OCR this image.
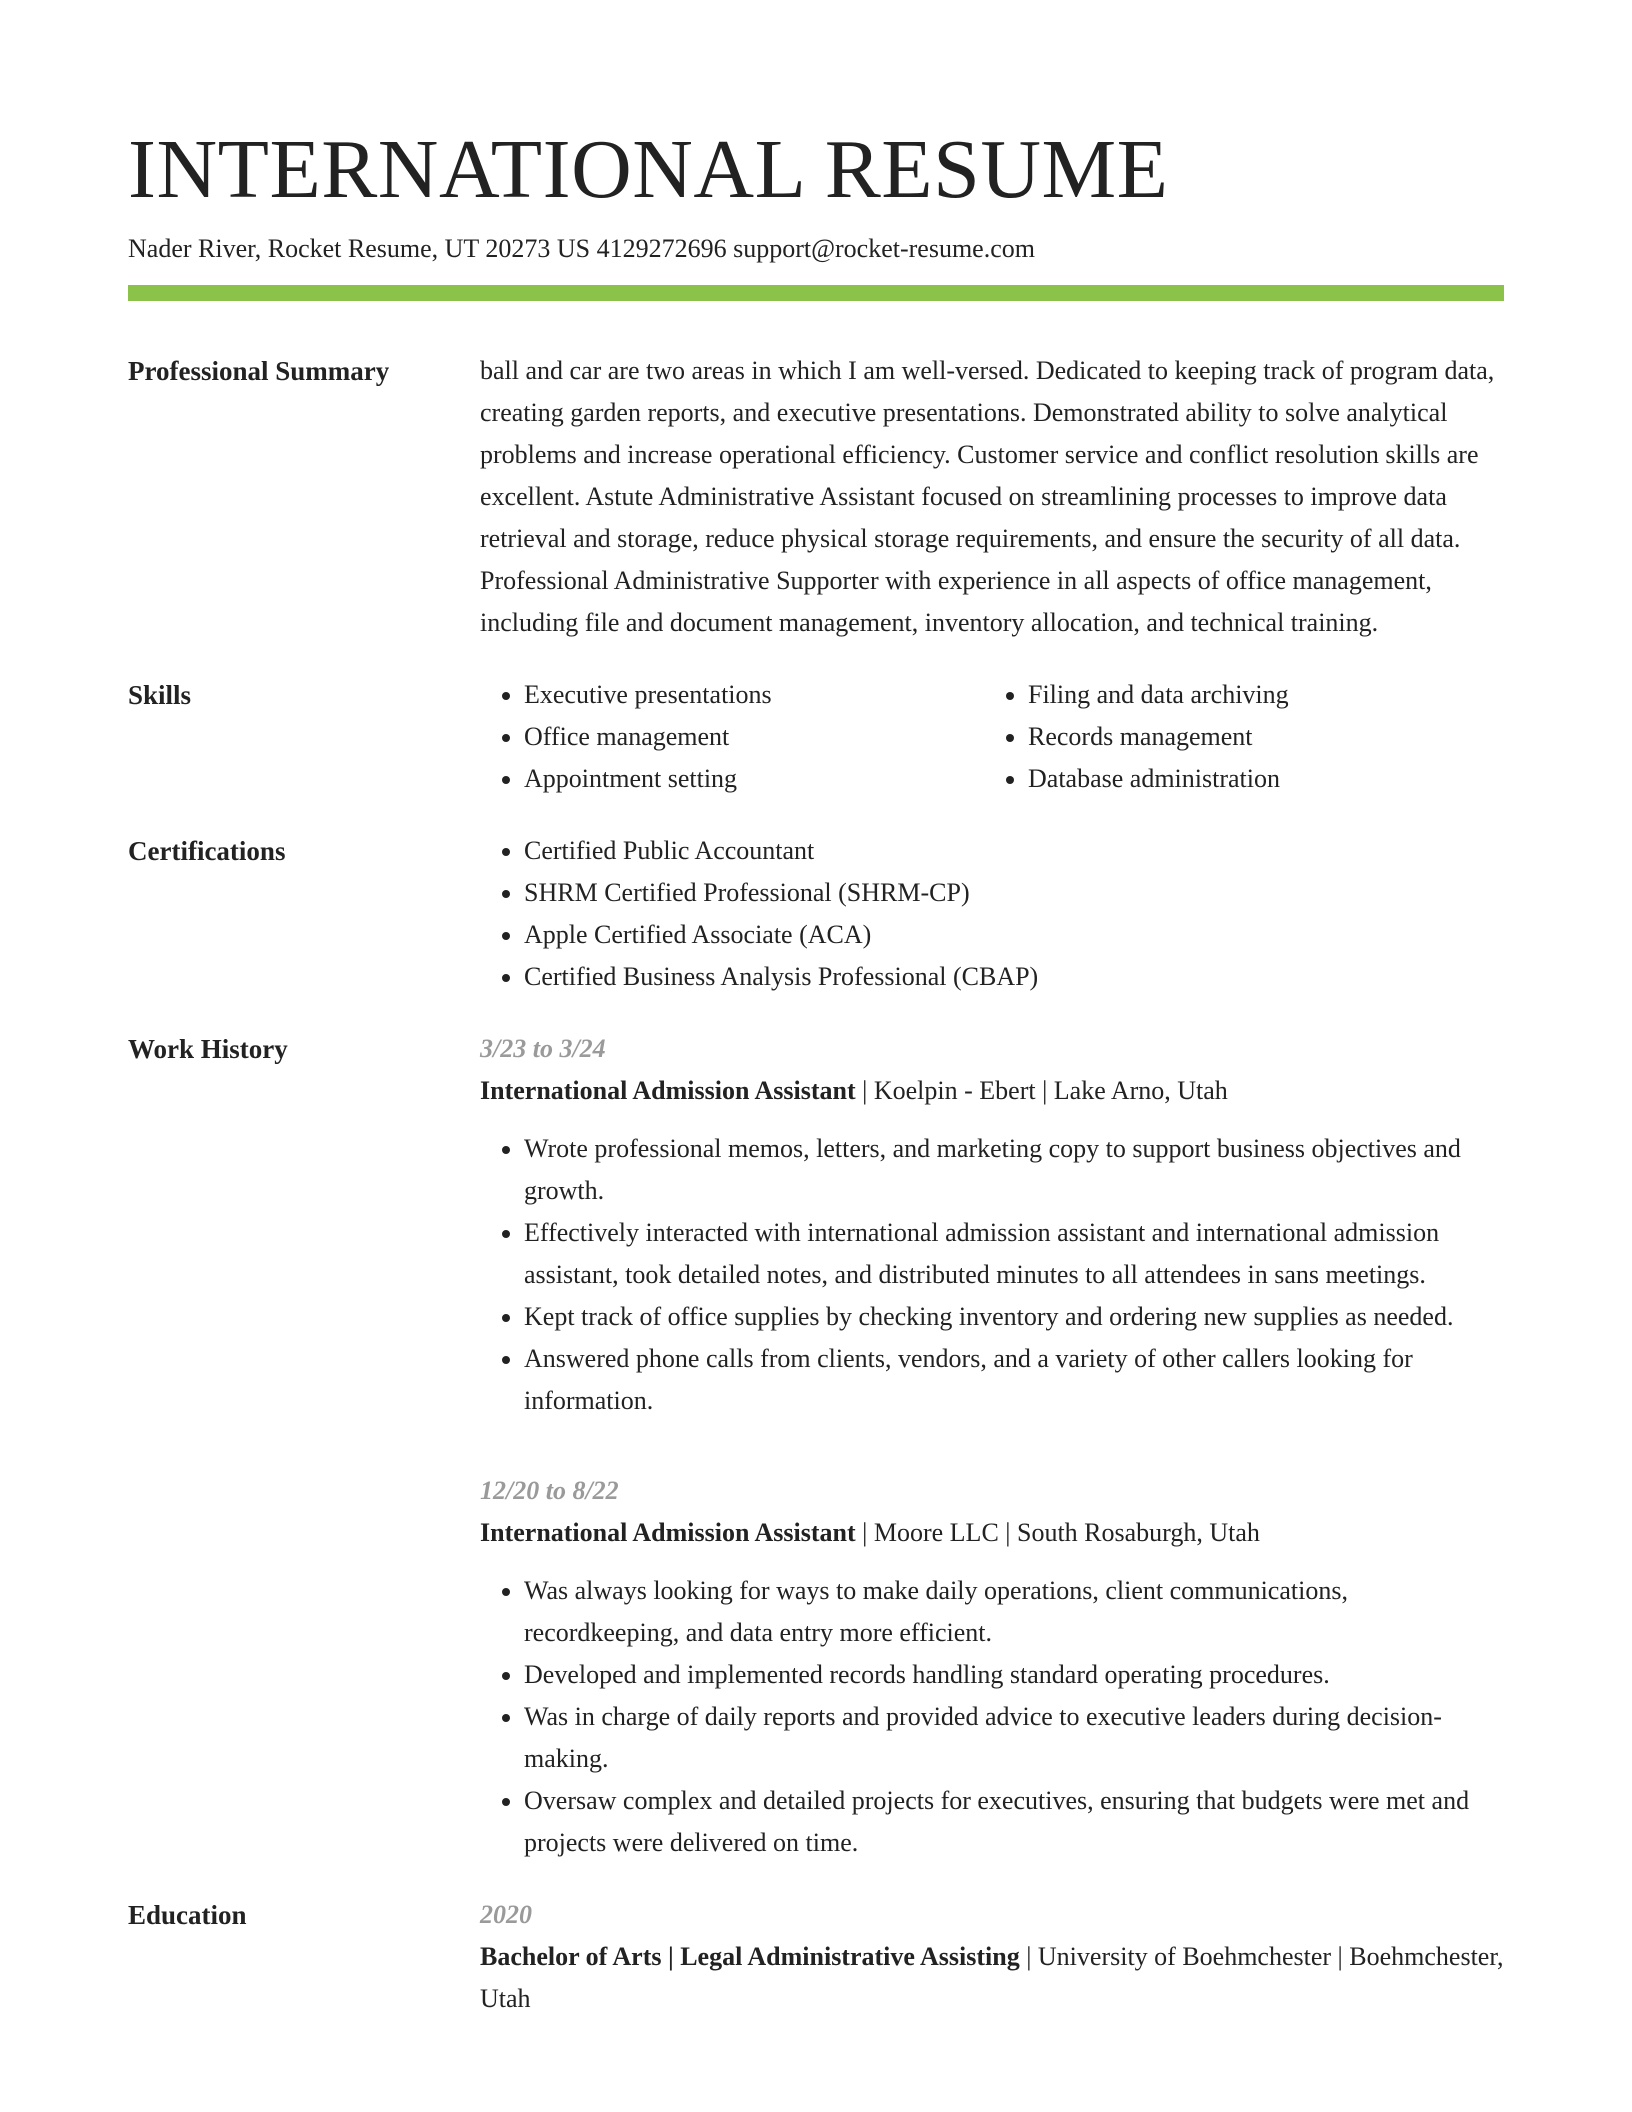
INTERNATIONAL RESUME
Nader River, Rocket Resume, UT 20273 US 4129272696 support@rocket-resume.com
Professional Summary	ball and car are two areas in which I am well-versed. Dedicated to keeping track of program data, creating garden reports, and executive presentations. Demonstrated ability to solve analytical problems and increase operational efficiency. Customer service and conflict resolution skills are excellent. Astute Administrative Assistant focused on streamlining processes to improve data retrieval and storage, reduce physical storage requirements, and ensure the security of all data. Professional Administrative Supporter with experience in all aspects of office management, including file and document management, inventory allocation, and technical training.

Skills	• Executive presentations
• Office management
• Appointment setting
• Filing and data archiving
• Records management
• Database administration
Certifications	• Certified Public Accountant
• SHRM Certified Professional (SHRM-CP)
• Apple Certified Associate (ACA)
• Certified Business Analysis Professional (CBAP)
Work History	3/23 to 3/24
International Admission Assistant | Koelpin - Ebert | Lake Arno, Utah
• Wrote professional memos, letters, and marketing copy to support business objectives and growth.
• Effectively interacted with international admission assistant and international admission assistant, took detailed notes, and distributed minutes to all attendees in sans meetings.
• Kept track of office supplies by checking inventory and ordering new supplies as needed.
• Answered phone calls from clients, vendors, and a variety of other callers looking for information.
12/20 to 8/22
International Admission Assistant | Moore LLC | South Rosaburgh, Utah
• Was always looking for ways to make daily operations, client communications, recordkeeping, and data entry more efficient.
• Developed and implemented records handling standard operating procedures.
• Was in charge of daily reports and provided advice to executive leaders during decision-making.
• Oversaw complex and detailed projects for executives, ensuring that budgets were met and projects were delivered on time.
Education	2020
Bachelor of Arts | Legal Administrative Assisting | University of Boehmchester | Boehmchester, Utah
